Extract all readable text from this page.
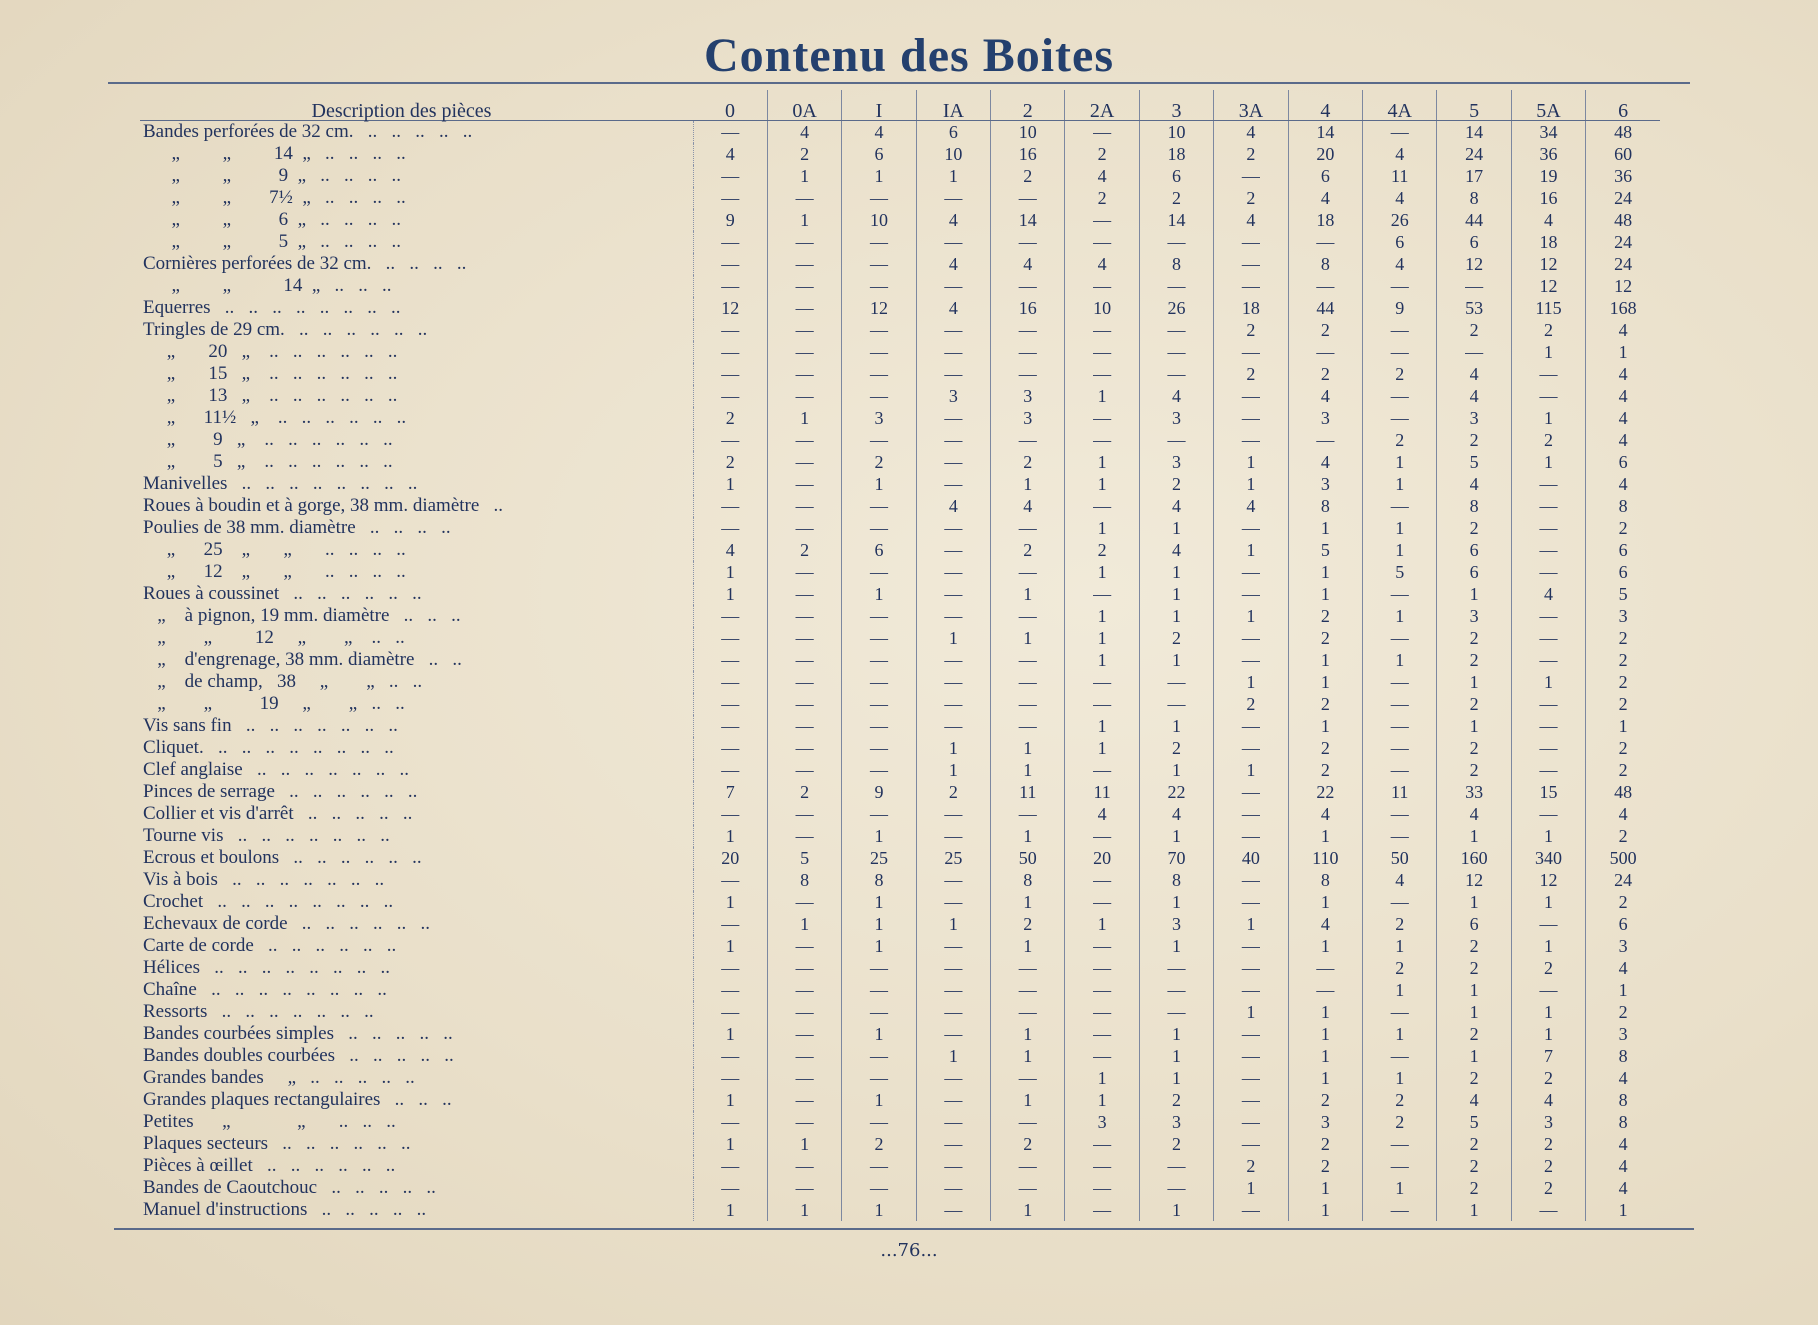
Contenu des Boites
Description des pièces	0	0A	I	IA	2	2A	3	3A	4	4A	5	5A	6
Bandes perforées de 32 cm.   ..   ..   ..   ..   ..	—	4	4	6	10	—	10	4	14	—	14	34	48
„         „         14  „   ..   ..   ..   ..	4	2	6	10	16	2	18	2	20	4	24	36	60
„         „          9  „   ..   ..   ..   ..	—	1	1	1	2	4	6	—	6	11	17	19	36
„         „        7½  „   ..   ..   ..   ..	—	—	—	—	—	2	2	2	4	4	8	16	24
„         „          6  „   ..   ..   ..   ..	9	1	10	4	14	—	14	4	18	26	44	4	48
„         „          5  „   ..   ..   ..   ..	—	—	—	—	—	—	—	—	—	6	6	18	24
Cornières perforées de 32 cm.   ..   ..   ..   ..	—	—	—	4	4	4	8	—	8	4	12	12	24
„         „           14  „   ..   ..   ..	—	—	—	—	—	—	—	—	—	—	—	12	12
Equerres   ..   ..   ..   ..   ..   ..   ..   ..	12	—	12	4	16	10	26	18	44	9	53	115	168
Tringles de 29 cm.   ..   ..   ..   ..   ..   ..	—	—	—	—	—	—	—	2	2	—	2	2	4
„       20   „    ..   ..   ..   ..   ..   ..	—	—	—	—	—	—	—	—	—	—	—	1	1
„       15   „    ..   ..   ..   ..   ..   ..	—	—	—	—	—	—	—	2	2	2	4	—	4
„       13   „    ..   ..   ..   ..   ..   ..	—	—	—	3	3	1	4	—	4	—	4	—	4
„      11½   „    ..   ..   ..   ..   ..   ..	2	1	3	—	3	—	3	—	3	—	3	1	4
„        9   „    ..   ..   ..   ..   ..   ..	—	—	—	—	—	—	—	—	—	2	2	2	4
„        5   „    ..   ..   ..   ..   ..   ..	2	—	2	—	2	1	3	1	4	1	5	1	6
Manivelles   ..   ..   ..   ..   ..   ..   ..   ..	1	—	1	—	1	1	2	1	3	1	4	—	4
Roues à boudin et à gorge, 38 mm. diamètre   ..	—	—	—	4	4	—	4	4	8	—	8	—	8
Poulies de 38 mm. diamètre   ..   ..   ..   ..	—	—	—	—	—	1	1	—	1	1	2	—	2
„      25    „       „       ..   ..   ..   ..	4	2	6	—	2	2	4	1	5	1	6	—	6
„      12    „       „       ..   ..   ..   ..	1	—	—	—	—	1	1	—	1	5	6	—	6
Roues à coussinet   ..   ..   ..   ..   ..   ..	1	—	1	—	1	—	1	—	1	—	1	4	5
„    à pignon, 19 mm. diamètre   ..   ..   ..	—	—	—	—	—	1	1	1	2	1	3	—	3
„        „         12     „        „    ..   ..	—	—	—	1	1	1	2	—	2	—	2	—	2
„    d'engrenage, 38 mm. diamètre   ..   ..	—	—	—	—	—	1	1	—	1	1	2	—	2
„    de champ,   38     „        „   ..   ..	—	—	—	—	—	—	—	1	1	—	1	1	2
„        „          19     „        „   ..   ..	—	—	—	—	—	—	—	2	2	—	2	—	2
Vis sans fin   ..   ..   ..   ..   ..   ..   ..	—	—	—	—	—	1	1	—	1	—	1	—	1
Cliquet.   ..   ..   ..   ..   ..   ..   ..   ..	—	—	—	1	1	1	2	—	2	—	2	—	2
Clef anglaise   ..   ..   ..   ..   ..   ..   ..	—	—	—	1	1	—	1	1	2	—	2	—	2
Pinces de serrage   ..   ..   ..   ..   ..   ..	7	2	9	2	11	11	22	—	22	11	33	15	48
Collier et vis d'arrêt   ..   ..   ..   ..   ..	—	—	—	—	—	4	4	—	4	—	4	—	4
Tourne vis   ..   ..   ..   ..   ..   ..   ..	1	—	1	—	1	—	1	—	1	—	1	1	2
Ecrous et boulons   ..   ..   ..   ..   ..   ..	20	5	25	25	50	20	70	40	110	50	160	340	500
Vis à bois   ..   ..   ..   ..   ..   ..   ..	—	8	8	—	8	—	8	—	8	4	12	12	24
Crochet   ..   ..   ..   ..   ..   ..   ..   ..	1	—	1	—	1	—	1	—	1	—	1	1	2
Echevaux de corde   ..   ..   ..   ..   ..   ..	—	1	1	1	2	1	3	1	4	2	6	—	6
Carte de corde   ..   ..   ..   ..   ..   ..	1	—	1	—	1	—	1	—	1	1	2	1	3
Hélices   ..   ..   ..   ..   ..   ..   ..   ..	—	—	—	—	—	—	—	—	—	2	2	2	4
Chaîne   ..   ..   ..   ..   ..   ..   ..   ..	—	—	—	—	—	—	—	—	—	1	1	—	1
Ressorts   ..   ..   ..   ..   ..   ..   ..	—	—	—	—	—	—	—	1	1	—	1	1	2
Bandes courbées simples   ..   ..   ..   ..   ..	1	—	1	—	1	—	1	—	1	1	2	1	3
Bandes doubles courbées   ..   ..   ..   ..   ..	—	—	—	1	1	—	1	—	1	—	1	7	8
Grandes bandes     „   ..   ..   ..   ..   ..	—	—	—	—	—	1	1	—	1	1	2	2	4
Grandes plaques rectangulaires   ..   ..   ..	1	—	1	—	1	1	2	—	2	2	4	4	8
Petites      „              „       ..   ..   ..	—	—	—	—	—	3	3	—	3	2	5	3	8
Plaques secteurs   ..   ..   ..   ..   ..   ..	1	1	2	—	2	—	2	—	2	—	2	2	4
Pièces à œillet   ..   ..   ..   ..   ..   ..	—	—	—	—	—	—	—	2	2	—	2	2	4
Bandes de Caoutchouc   ..   ..   ..   ..   ..	—	—	—	—	—	—	—	1	1	1	2	2	4
Manuel d'instructions   ..   ..   ..   ..   ..	1	1	1	—	1	—	1	—	1	—	1	—	1
...76...
